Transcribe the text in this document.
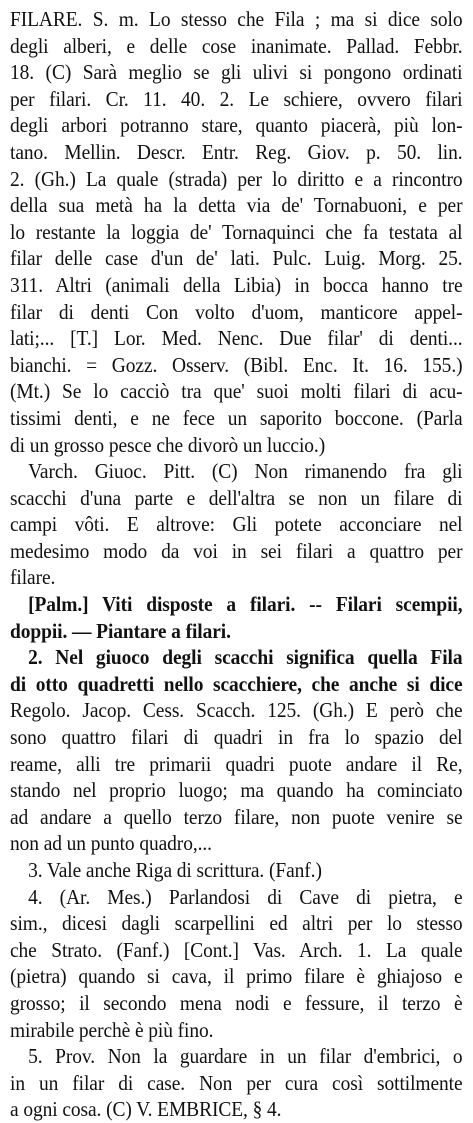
FILARE. S. m. Lo stesso che Fila ; ma si dice solo
degli alberi, e delle cose inanimate. Pallad. Febbr.
18. (C) Sarà meglio se gli ulivi si pongono ordinati
per filari. Cr. 11. 40. 2. Le schiere, ovvero filari
degli arbori potranno stare, quanto piacerà, più lon-
tano. Mellin. Descr. Entr. Reg. Giov. p. 50. lin.
2. (Gh.) La quale (strada) per lo diritto e a rincontro
della sua metà ha la detta via de' Tornabuoni, e per
lo restante la loggia de' Tornaquinci che fa testata al
filar delle case d'un de' lati. Pulc. Luig. Morg. 25.
311. Altri (animali della Libia) in bocca hanno tre
filar di denti Con volto d'uom, manticore appel-
lati;... [T.] Lor. Med. Nenc. Due filar' di denti...
bianchi. = Gozz. Osserv. (Bibl. Enc. It. 16. 155.)
(Mt.) Se lo cacciò tra que' suoi molti filari di acu-
tissimi denti, e ne fece un saporito boccone. (Parla
di un grosso pesce che divorò un luccio.)
Varch. Giuoc. Pitt. (C) Non rimanendo fra gli
scacchi d'una parte e dell'altra se non un filare di
campi vôti. E altrove: Gli potete acconciare nel
medesimo modo da voi in sei filari a quattro per
filare.
[Palm.] Viti disposte a filari. -- Filari scempii,
doppii. — Piantare a filari.
2. Nel giuoco degli scacchi significa quella Fila
di otto quadretti nello scacchiere, che anche si dice
Regolo. Jacop. Cess. Scacch. 125. (Gh.) E però che
sono quattro filari di quadri in fra lo spazio del
reame, alli tre primarii quadri puote andare il Re,
stando nel proprio luogo; ma quando ha cominciato
ad andare a quello terzo filare, non puote venire se
non ad un punto quadro,...
3. Vale anche Riga di scrittura. (Fanf.)
4. (Ar. Mes.) Parlandosi di Cave di pietra, e
sim., dicesi dagli scarpellini ed altri per lo stesso
che Strato. (Fanf.) [Cont.] Vas. Arch. 1. La quale
(pietra) quando si cava, il primo filare è ghiajoso e
grosso; il secondo mena nodi e fessure, il terzo è
mirabile perchè è più fino.
5. Prov. Non la guardare in un filar d'embrici, o
in un filar di case. Non per cura così sottilmente
a ogni cosa. (C) V. EMBRICE, § 4.
